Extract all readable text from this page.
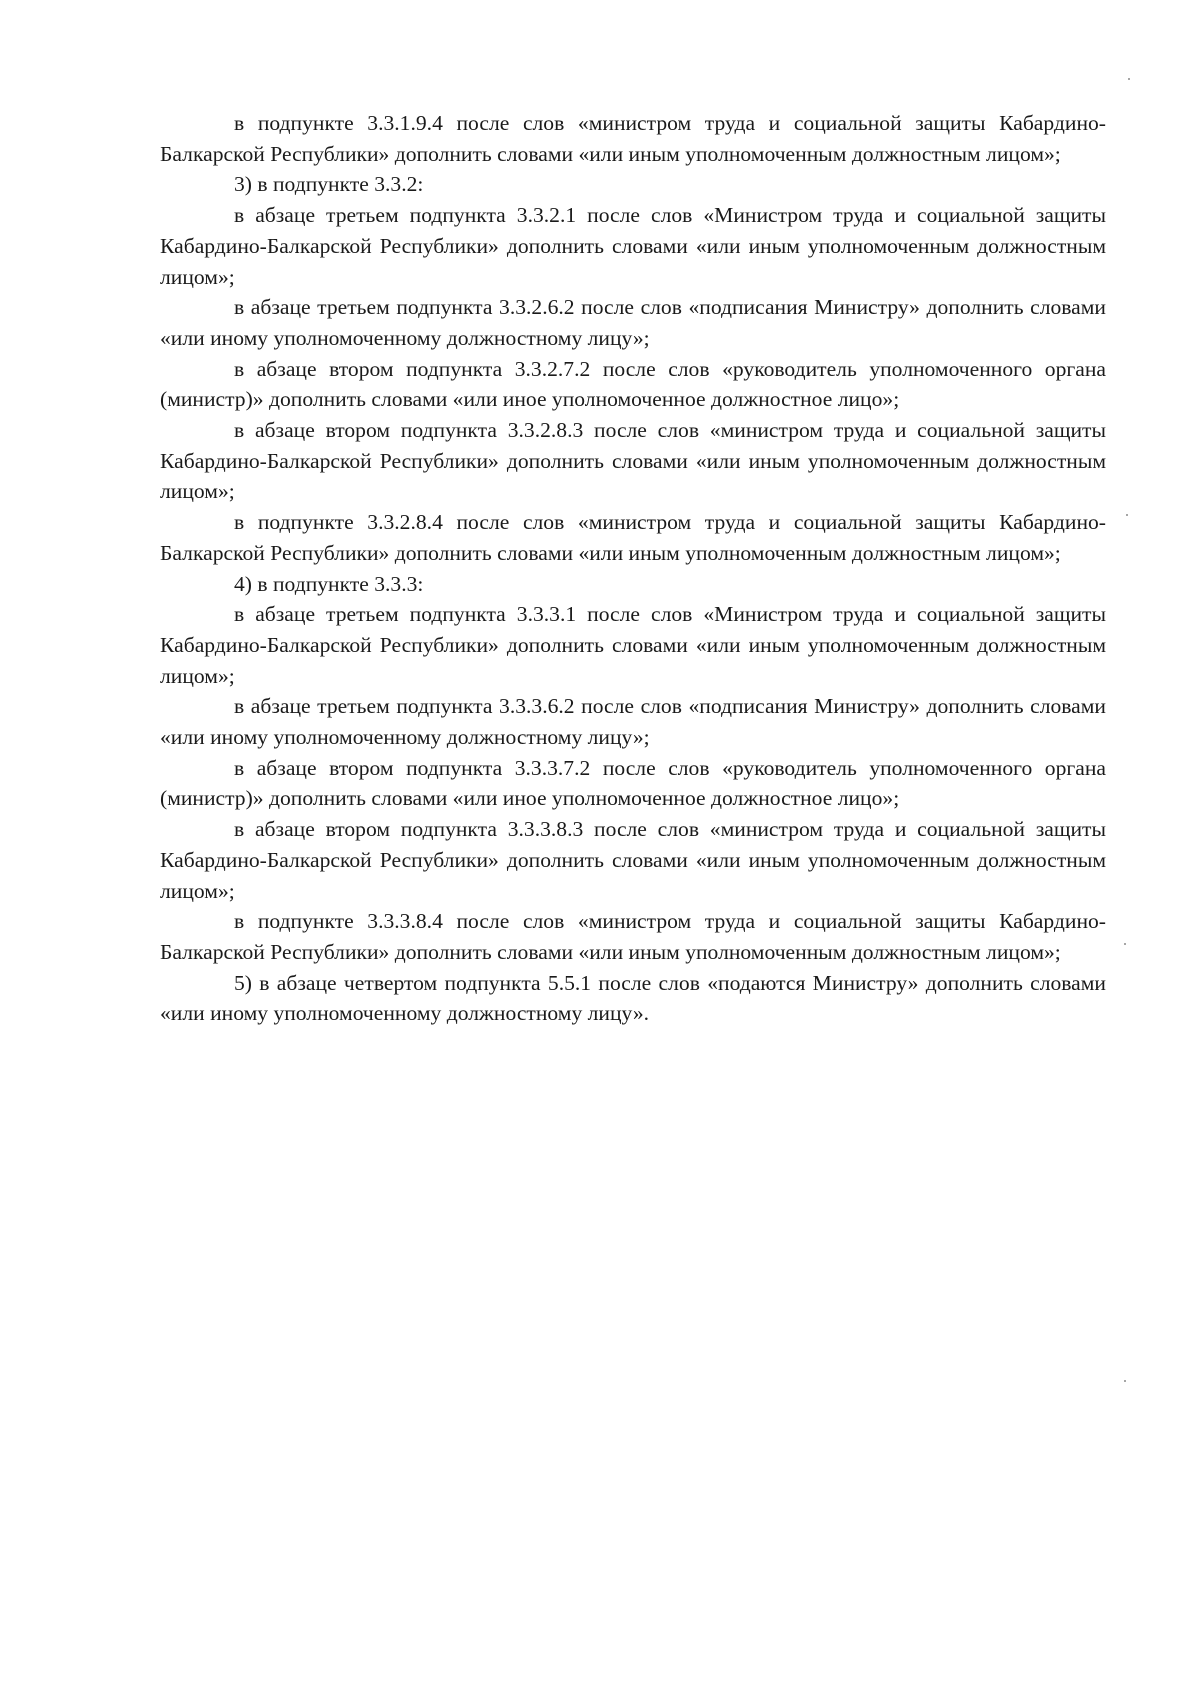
в подпункте 3.3.1.9.4 после слов «министром труда и социальной защиты Кабардино-Балкарской Республики» дополнить словами «или иным уполномоченным должностным лицом»;

3) в подпункте 3.3.2:

в абзаце третьем подпункта 3.3.2.1 после слов «Министром труда и социальной защиты Кабардино-Балкарской Республики» дополнить словами «или иным уполномоченным должностным лицом»;

в абзаце третьем подпункта 3.3.2.6.2 после слов «подписания Министру» дополнить словами «или иному уполномоченному должностному лицу»;

в абзаце втором подпункта 3.3.2.7.2 после слов «руководитель уполномоченного органа (министр)» дополнить словами «или иное уполномоченное должностное лицо»;

в абзаце втором подпункта 3.3.2.8.3 после слов «министром труда и социальной защиты Кабардино-Балкарской Республики» дополнить словами «или иным уполномоченным должностным лицом»;

в подпункте 3.3.2.8.4 после слов «министром труда и социальной защиты Кабардино-Балкарской Республики» дополнить словами «или иным уполномоченным должностным лицом»;

4) в подпункте 3.3.3:

в абзаце третьем подпункта 3.3.3.1 после слов «Министром труда и социальной защиты Кабардино-Балкарской Республики» дополнить словами «или иным уполномоченным должностным лицом»;

в абзаце третьем подпункта 3.3.3.6.2 после слов «подписания Министру» дополнить словами «или иному уполномоченному должностному лицу»;

в абзаце втором подпункта 3.3.3.7.2 после слов «руководитель уполномоченного органа (министр)» дополнить словами «или иное уполномоченное должностное лицо»;

в абзаце втором подпункта 3.3.3.8.3 после слов «министром труда и социальной защиты Кабардино-Балкарской Республики» дополнить словами «или иным уполномоченным должностным лицом»;

в подпункте 3.3.3.8.4 после слов «министром труда и социальной защиты Кабардино-Балкарской Республики» дополнить словами «или иным уполномоченным должностным лицом»;

5) в абзаце четвертом подпункта 5.5.1 после слов «подаются Министру» дополнить словами «или иному уполномоченному должностному лицу».
